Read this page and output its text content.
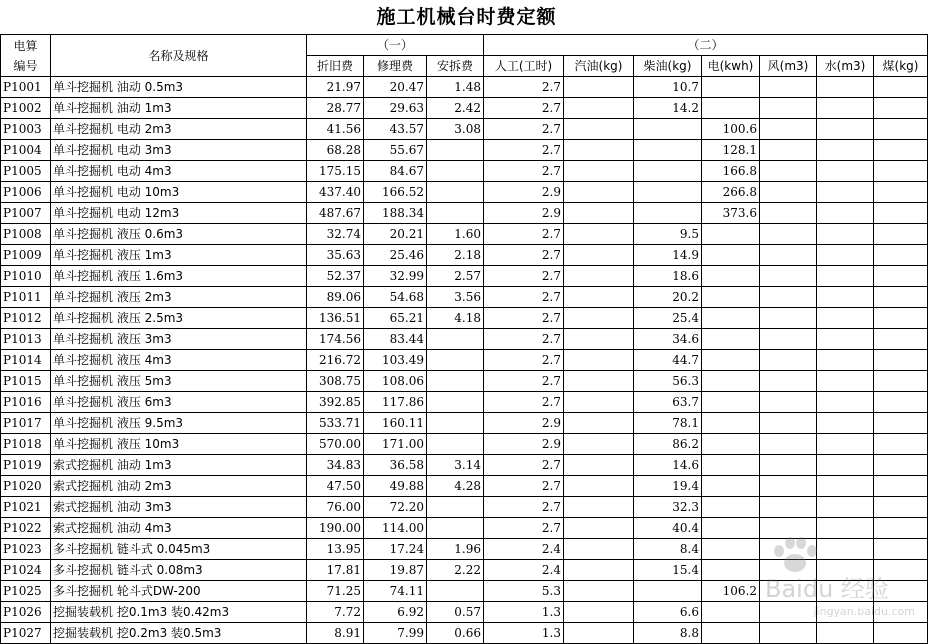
施工机械台时费定额
电算
编号	名称及规格	（一）			（二）						
		折旧费	修理费	安拆费	人工(工时)	汽油(kg)	柴油(kg)	电(kwh)	风(m3)	水(m3)	煤(kg)
P1001	单斗挖掘机 油动 0.5m3	21.97	20.47	1.48	2.7		10.7				
P1002	单斗挖掘机 油动 1m3	28.77	29.63	2.42	2.7		14.2				
P1003	单斗挖掘机 电动 2m3	41.56	43.57	3.08	2.7			100.6			
P1004	单斗挖掘机 电动 3m3	68.28	55.67		2.7			128.1			
P1005	单斗挖掘机 电动 4m3	175.15	84.67		2.7			166.8			
P1006	单斗挖掘机 电动 10m3	437.40	166.52		2.9			266.8			
P1007	单斗挖掘机 电动 12m3	487.67	188.34		2.9			373.6			
P1008	单斗挖掘机 液压 0.6m3	32.74	20.21	1.60	2.7		9.5				
P1009	单斗挖掘机 液压 1m3	35.63	25.46	2.18	2.7		14.9				
P1010	单斗挖掘机 液压 1.6m3	52.37	32.99	2.57	2.7		18.6				
P1011	单斗挖掘机 液压 2m3	89.06	54.68	3.56	2.7		20.2				
P1012	单斗挖掘机 液压 2.5m3	136.51	65.21	4.18	2.7		25.4				
P1013	单斗挖掘机 液压 3m3	174.56	83.44		2.7		34.6				
P1014	单斗挖掘机 液压 4m3	216.72	103.49		2.7		44.7				
P1015	单斗挖掘机 液压 5m3	308.75	108.06		2.7		56.3				
P1016	单斗挖掘机 液压 6m3	392.85	117.86		2.7		63.7				
P1017	单斗挖掘机 液压 9.5m3	533.71	160.11		2.9		78.1				
P1018	单斗挖掘机 液压 10m3	570.00	171.00		2.9		86.2				
P1019	索式挖掘机 油动 1m3	34.83	36.58	3.14	2.7		14.6				
P1020	索式挖掘机 油动 2m3	47.50	49.88	4.28	2.7		19.4				
P1021	索式挖掘机 油动 3m3	76.00	72.20		2.7		32.3				
P1022	索式挖掘机 油动 4m3	190.00	114.00		2.7		40.4				
P1023	多斗挖掘机 链斗式 0.045m3	13.95	17.24	1.96	2.4		8.4				
P1024	多斗挖掘机 链斗式 0.08m3	17.81	19.87	2.22	2.4		15.4				
P1025	多斗挖掘机 轮斗式DW-200	71.25	74.11		5.3			106.2			
P1026	挖掘装载机 挖0.1m3 装0.42m3	7.72	6.92	0.57	1.3		6.6				
P1027	挖掘装载机 挖0.2m3 装0.5m3	8.91	7.99	0.66	1.3		8.8				
Baidu 经验
jingyan.baidu.com
